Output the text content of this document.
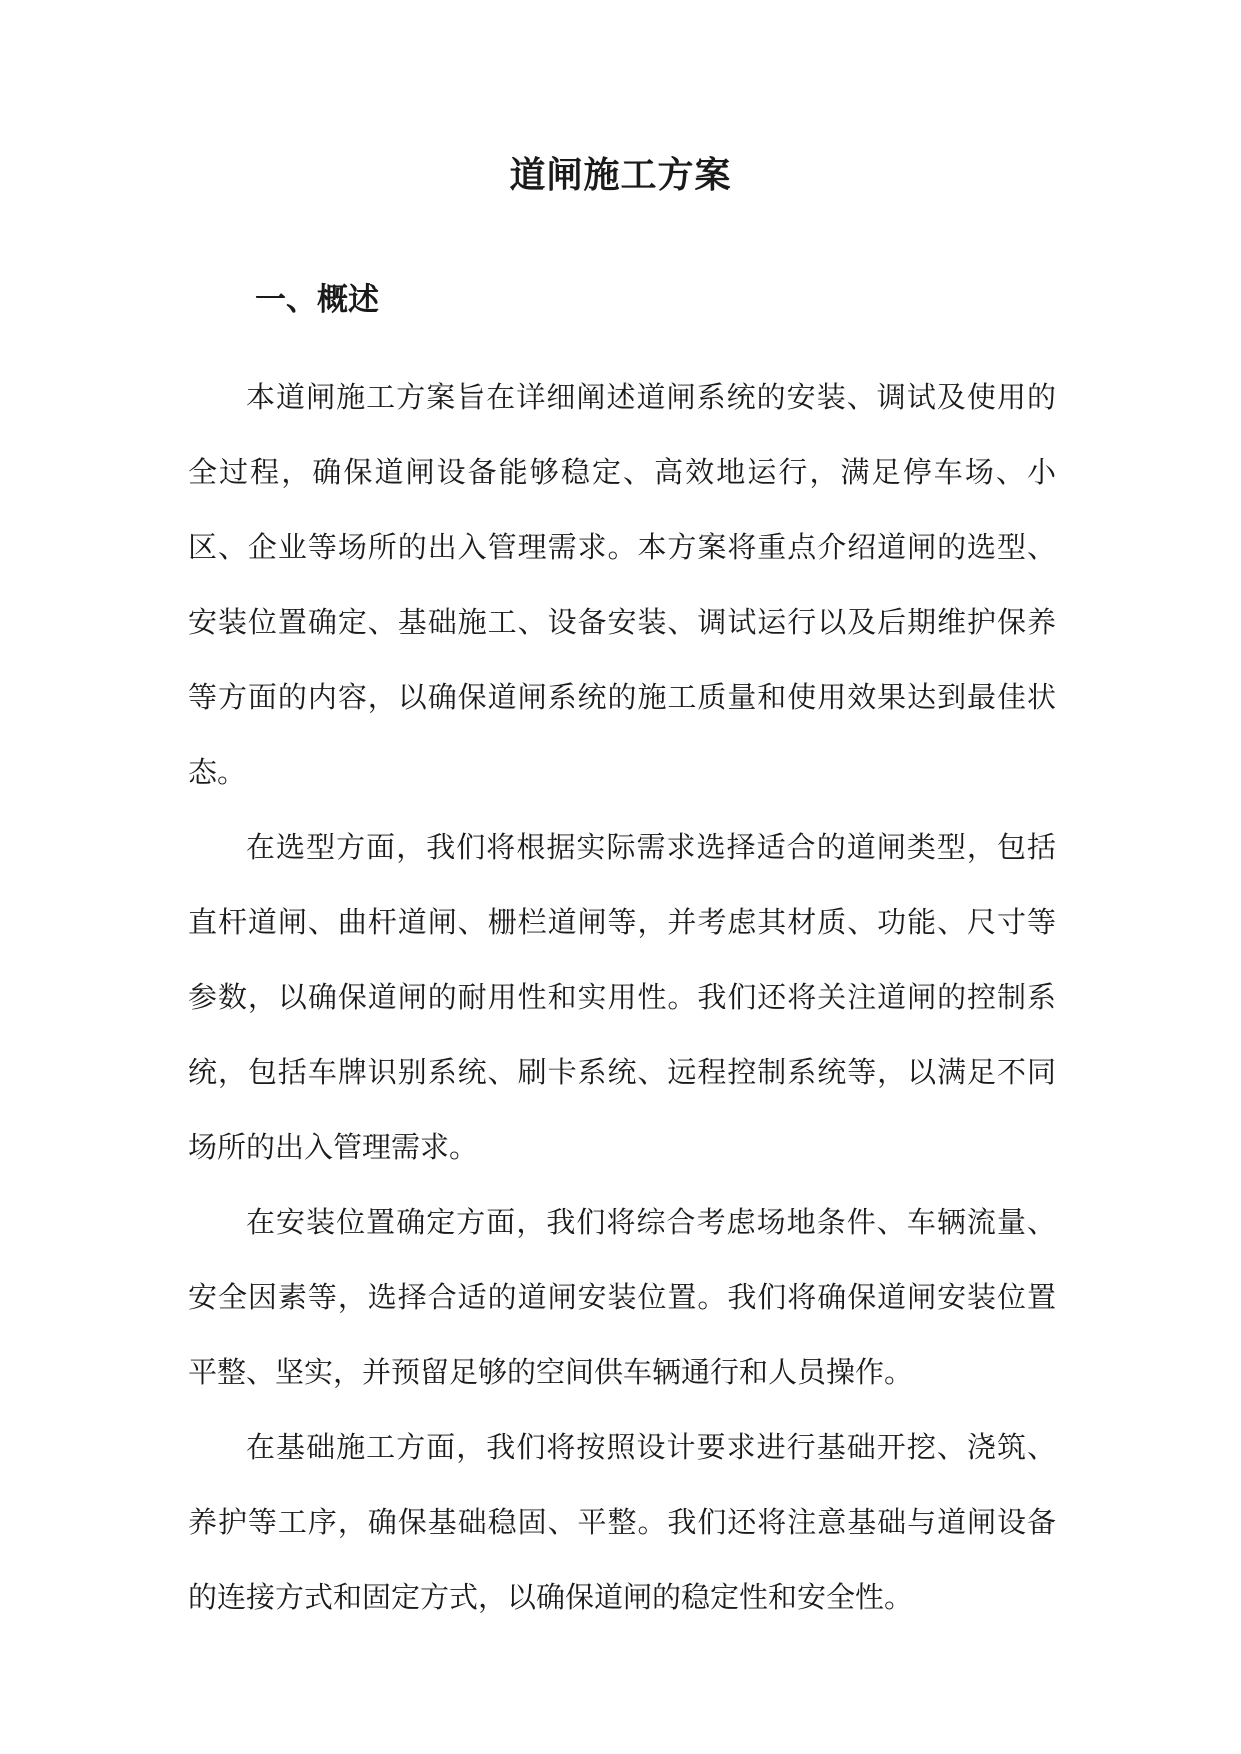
道闸施工方案
一、概述

本道闸施工方案旨在详细阐述道闸系统的安装、调试及使用的全过程，确保道闸设备能够稳定、高效地运行，满足停车场、小区、企业等场所的出入管理需求。本方案将重点介绍道闸的选型、安装位置确定、基础施工、设备安装、调试运行以及后期维护保养等方面的内容，以确保道闸系统的施工质量和使用效果达到最佳状态。

在选型方面，我们将根据实际需求选择适合的道闸类型，包括直杆道闸、曲杆道闸、栅栏道闸等，并考虑其材质、功能、尺寸等参数，以确保道闸的耐用性和实用性。我们还将关注道闸的控制系统，包括车牌识别系统、刷卡系统、远程控制系统等，以满足不同场所的出入管理需求。

在安装位置确定方面，我们将综合考虑场地条件、车辆流量、安全因素等，选择合适的道闸安装位置。我们将确保道闸安装位置平整、坚实，并预留足够的空间供车辆通行和人员操作。

在基础施工方面，我们将按照设计要求进行基础开挖、浇筑、养护等工序，确保基础稳固、平整。我们还将注意基础与道闸设备的连接方式和固定方式，以确保道闸的稳定性和安全性。
